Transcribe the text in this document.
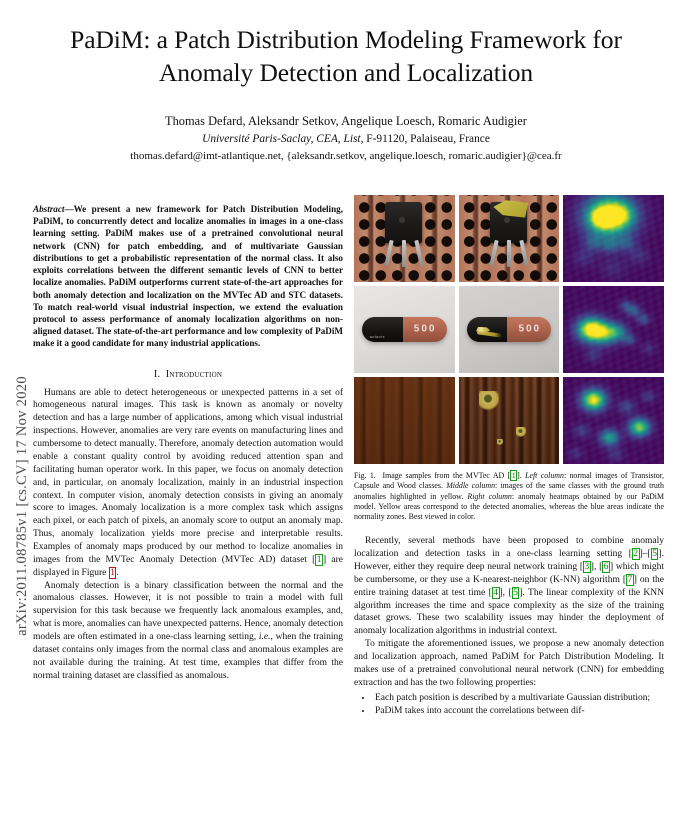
arXiv:2011.08785v1 [cs.CV] 17 Nov 2020
PaDiM: a Patch Distribution Modeling Framework for Anomaly Detection and Localization
Thomas Defard, Aleksandr Setkov, Angelique Loesch, Romaric Audigier
Université Paris-Saclay, CEA, List, F-91120, Palaiseau, France
thomas.defard@imt-atlantique.net, {aleksandr.setkov, angelique.loesch, romaric.audigier}@cea.fr

Abstract—We present a new framework for Patch Distribution Modeling, PaDiM, to concurrently detect and localize anomalies in images in a one-class learning setting. PaDiM makes use of a pretrained convolutional neural network (CNN) for patch embedding, and of multivariate Gaussian distributions to get a probabilistic representation of the normal class. It also exploits correlations between the different semantic levels of CNN to better localize anomalies. PaDiM outperforms current state-of-the-art approaches for both anomaly detection and localization on the MVTec AD and STC datasets. To match real-world visual industrial inspection, we extend the evaluation protocol to assess performance of anomaly localization algorithms on non-aligned dataset. The state-of-the-art performance and low complexity of PaDiM make it a good candidate for many industrial applications.

I. Introduction

Humans are able to detect heterogeneous or unexpected patterns in a set of homogeneous natural images. This task is known as anomaly or novelty detection and has a large number of applications, among which visual industrial inspections. However, anomalies are very rare events on manufacturing lines and cumbersome to detect manually. Therefore, anomaly detection automation would enable a constant quality control by avoiding reduced attention span and facilitating human operator work. In this paper, we focus on anomaly detection and, in particular, on anomaly localization, mainly in an industrial inspection context. In computer vision, anomaly detection consists in giving an anomaly score to images. Anomaly localization is a more complex task which assigns each pixel, or each patch of pixels, an anomaly score to output an anomaly map. Thus, anomaly localization yields more precise and interpretable results. Examples of anomaly maps produced by our method to localize anomalies in images from the MVTec Anomaly Detection (MVTec AD) dataset [ 1 ] are displayed in Figure 1 .

Anomaly detection is a binary classification between the normal and the anomalous classes. However, it is not possible to train a model with full supervision for this task because we frequently lack anomalous examples, and, what is more, anomalies can have unexpected patterns. Hence, anomaly detection models are often estimated in a one-class learning setting, i.e., when the training dataset contains only images from the normal class and anomalous examples are not available during the training. At test time, examples that differ from the normal training dataset are classified as anomalous.

500
actavis
500
Fig. 1. Image samples from the MVTec AD [ 1 ]. Left column: normal images of Transistor, Capsule and Wood classes. Middle column: images of the same classes with the ground truth anomalies highlighted in yellow. Right column: anomaly heatmaps obtained by our PaDiM model. Yellow areas correspond to the detected anomalies, whereas the blue areas indicate the normality zones. Best viewed in color.

Recently, several methods have been proposed to combine anomaly localization and detection tasks in a one-class learning setting [ 2 ]–[ 5 ]. However, either they require deep neural network training [ 3 ], [ 6 ] which might be cumbersome, or they use a K-nearest-neighbor (K-NN) algorithm [ 7 ] on the entire training dataset at test time [ 4 ], [ 5 ]. The linear complexity of the KNN algorithm increases the time and space complexity as the size of the training dataset grows. These two scalability issues may hinder the deployment of anomaly localization algorithms in industrial context.

To mitigate the aforementioned issues, we propose a new anomaly detection and localization approach, named PaDiM for Patch Distribution Modeling. It makes use of a pretrained convolutional neural network (CNN) for embedding extraction and has the two following properties:

• Each patch position is described by a multivariate Gaussian distribution;
• PaDiM takes into account the correlations between dif-
